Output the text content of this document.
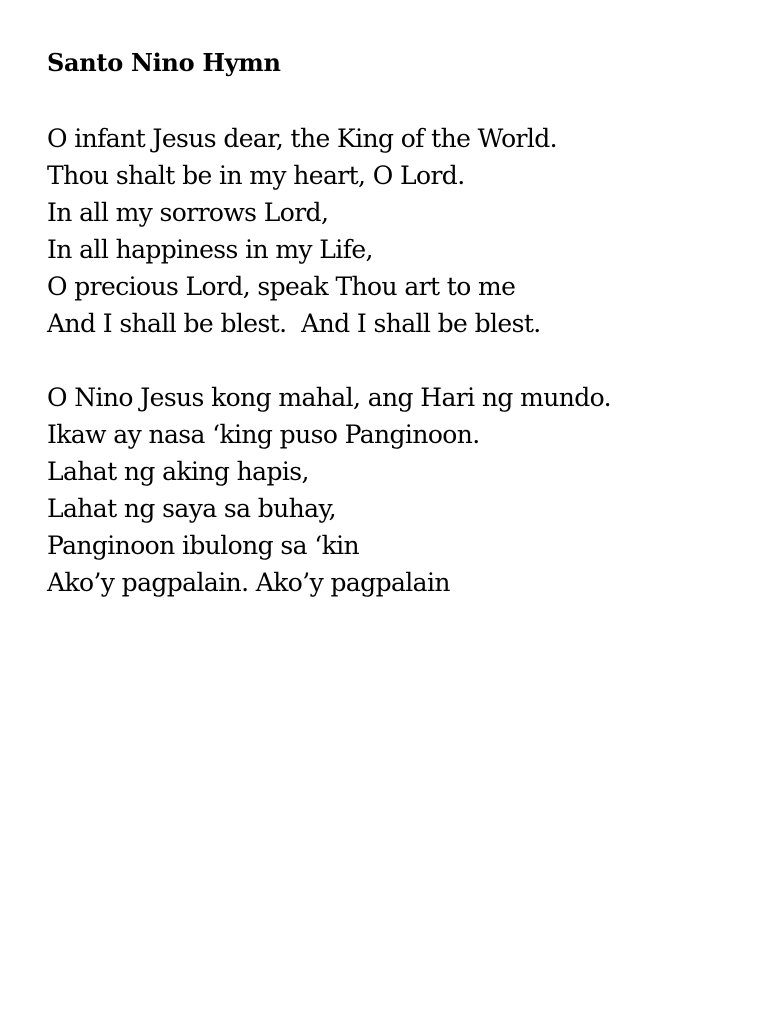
Santo Nino Hymn
O infant Jesus dear, the King of the World.
Thou shalt be in my heart, O Lord.
In all my sorrows Lord,
In all happiness in my Life,
O precious Lord, speak Thou art to me
And I shall be blest.  And I shall be blest.
O Nino Jesus kong mahal, ang Hari ng mundo.
Ikaw ay nasa ‘king puso Panginoon.
Lahat ng aking hapis,
Lahat ng saya sa buhay,
Panginoon ibulong sa ‘kin
Ako’y pagpalain. Ako’y pagpalain
